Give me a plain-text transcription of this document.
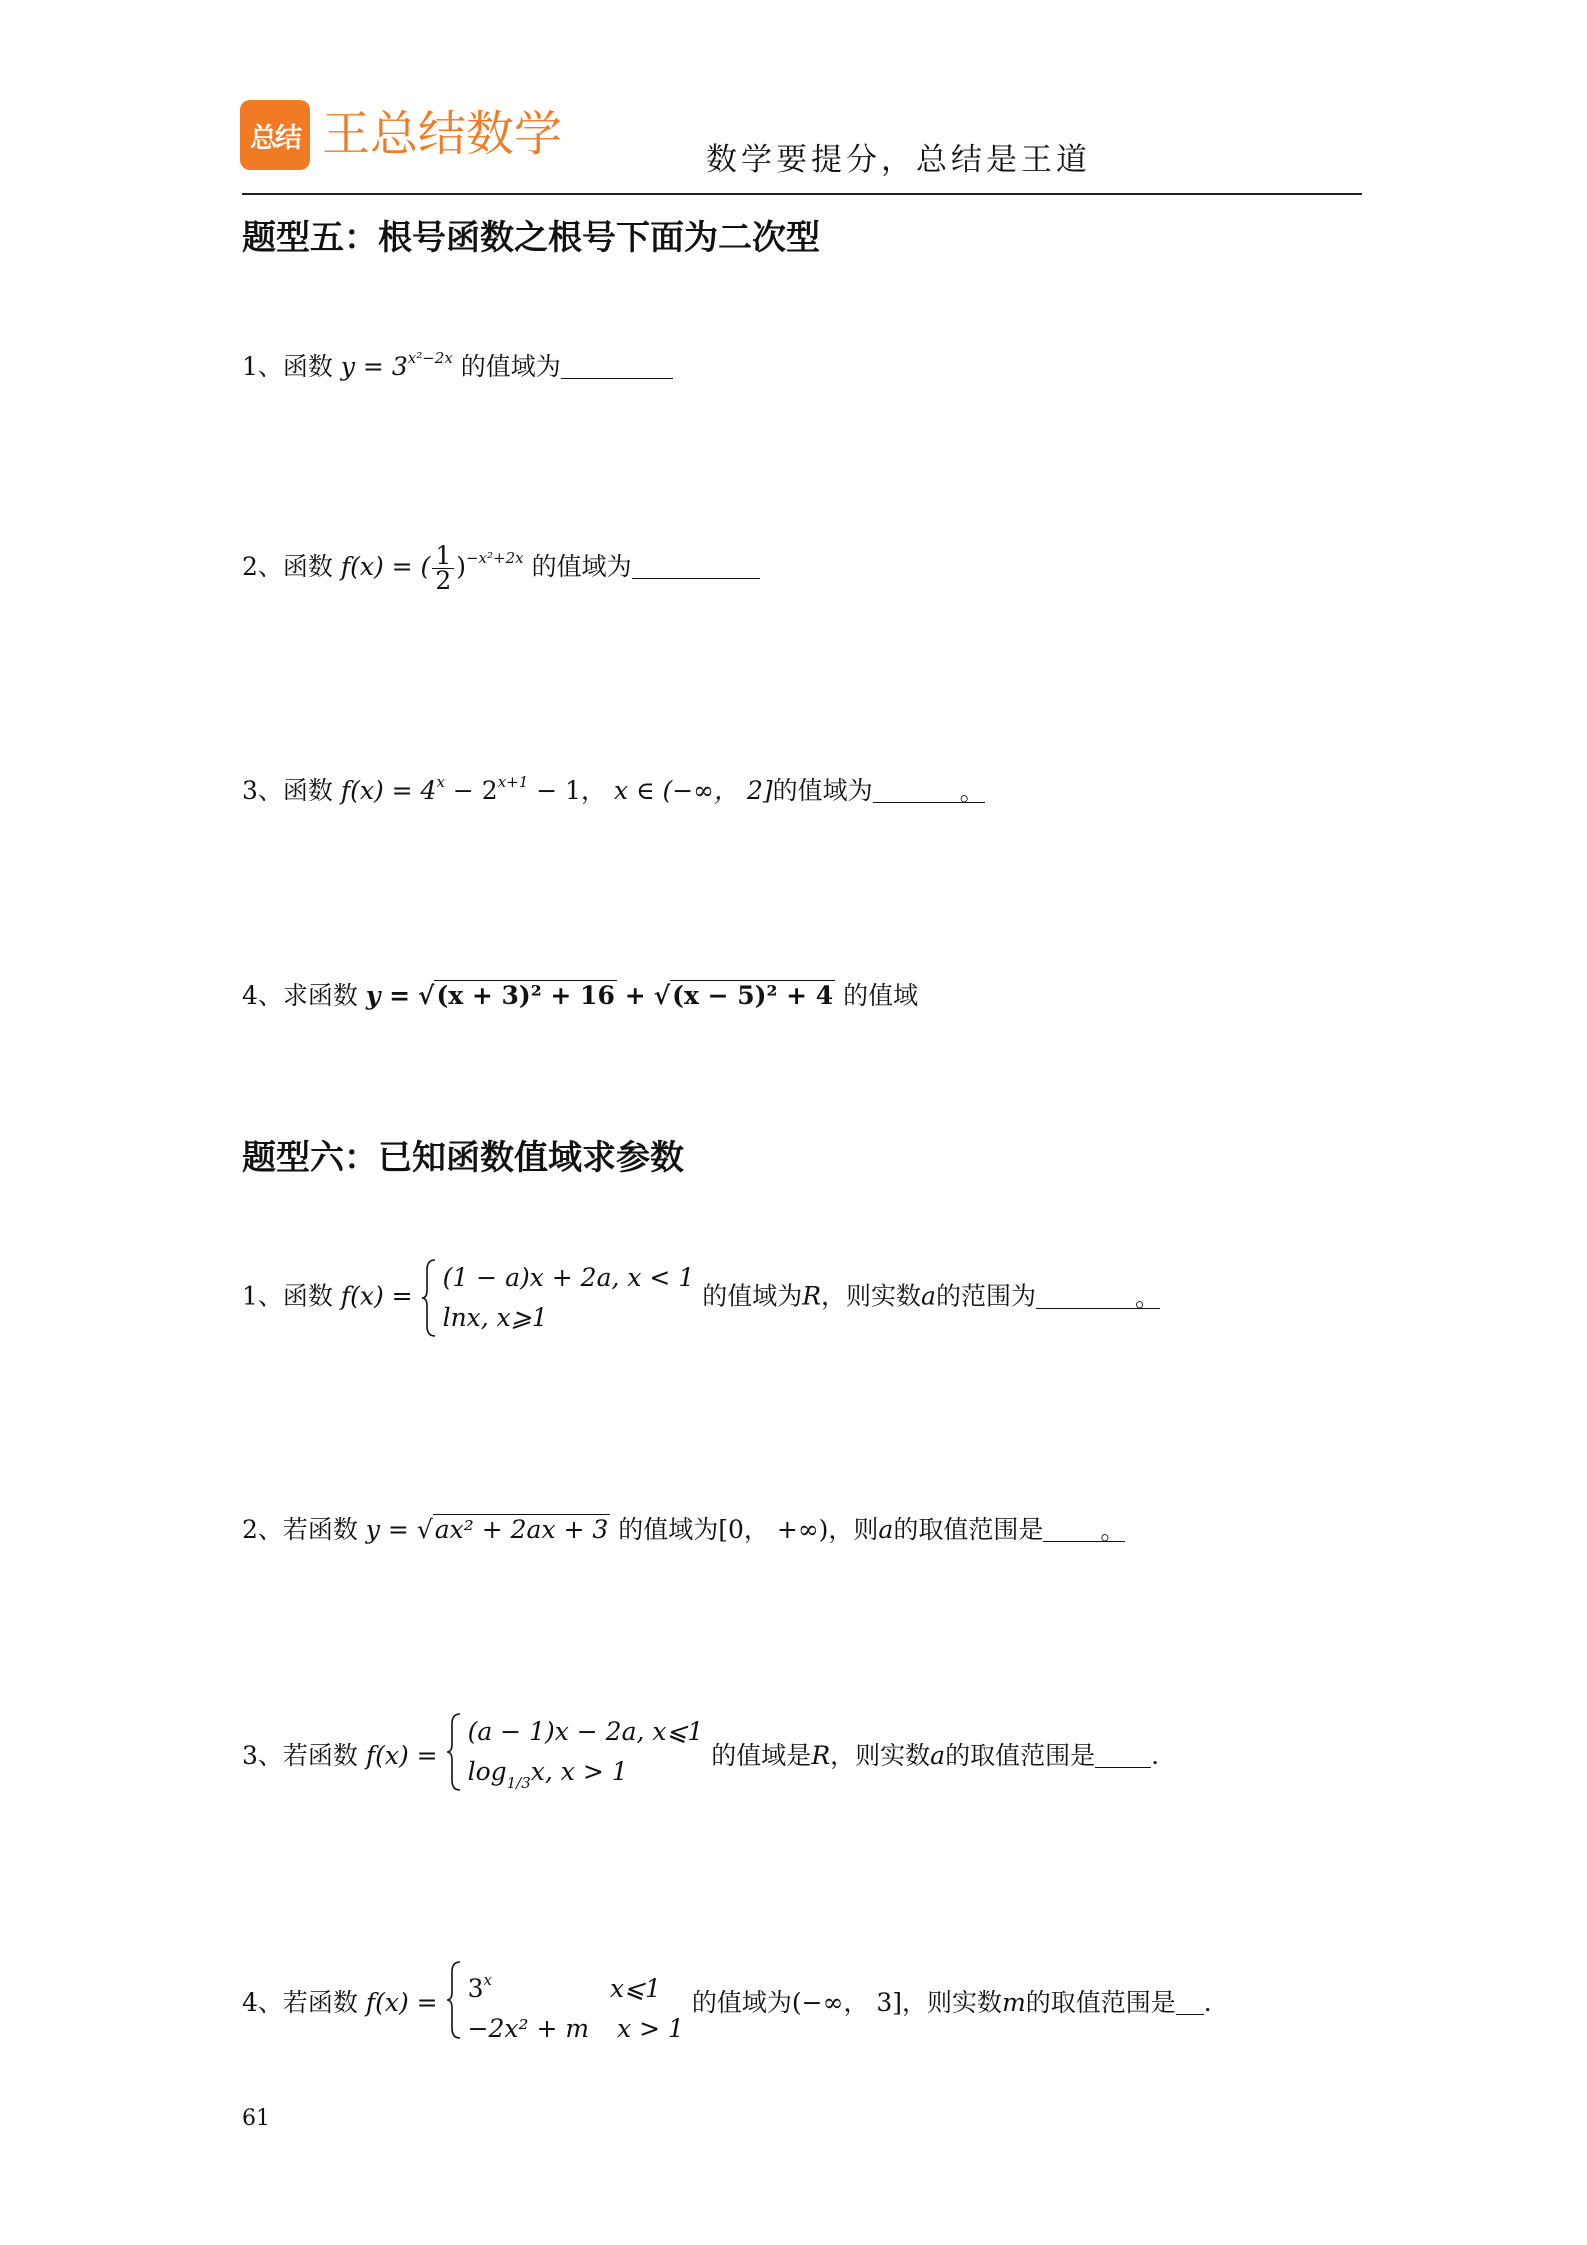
总结 王总结数学	数学要提分，总结是王道
题型五：根号函数之根号下面为二次型
1、函数 $y = 3^{x^2-2x}$ 的值域为
2、函数 f(x) = ( $\frac{1}{2} )^{-x^2+2x}$ 的值域为
3、函数 $f(x) = 4^x - 2^{x+1} - 1$， x ∈ (−∞， 2]的值域为	。
4、求函数 y = √(x + 3)² + 16 + √(x − 5)² + 4 的值域
题型六：已知函数值域求参数
1、函数 f(x) =
(1 − a)x + 2a, x < 1
lnx, x⩾1
的值域为R，则实数a的范围为	。
2、若函数 y = √ax² + 2ax + 3 的值域为[0， +∞)，则a的取值范围是 。
3、若函数 f(x) =
(a − 1)x − 2a, x⩽1
$\log_{1/3}x$, x > 1
的值域是R，则实数a的取值范围是 .
4、若函数 $f(x) = 3^x$	x⩽1
−2x² + m x > 1
的值域为(−∞， 3]，则实数m的取值范围是 .
61
